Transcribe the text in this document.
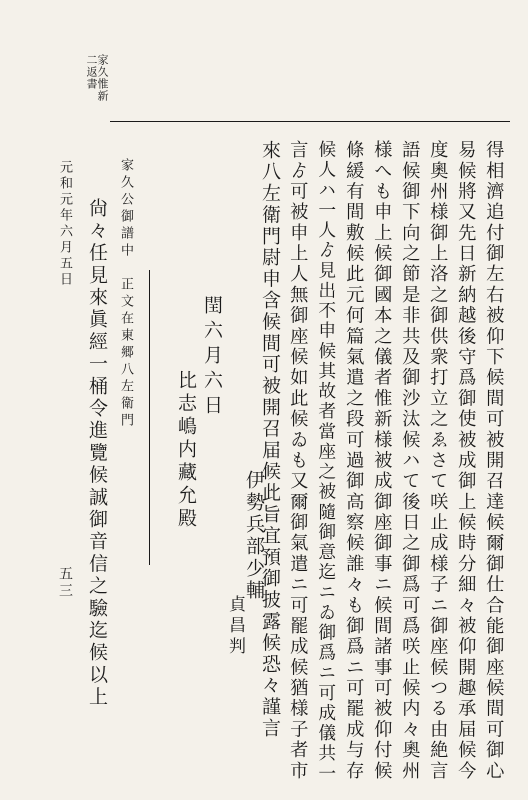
家久惟新
二返書
得相濟追付御左右被仰下候間可被開召達候爾御仕合能御座候間可御心
易候將又先日新納越後守爲御使被成御上候時分細々被仰開趣承届候今
度奧州様御上洛之御供衆打立之ゑさて咲止成様子ニ御座候つる由絶言
語候御下向之節是非共及御沙汰候ハて後日之御爲可爲咲止候内々奧州
様へも申上候御國本之儀者惟新様被成御座御事ニ候間諸事可被仰付候
條緩有間敷候此元何篇氣遣之段可過御高察候誰々も御爲ニ可罷成与存
候人ハ一人ゟ見出不申候其故者當座之被隨御意迄ニゐ御爲ニ可成儀共一
言ゟ可被申上人無御座候如此候ゐも又爾御氣遣ニ可罷成候猶様子者市
來八左衛門尉申含候間可被開召届候此旨宜預御披露候恐々謹言
伊勢兵部少輔
貞昌判
閏六月六日
比志嶋内藏允殿
家久公御譜中　正文在東郷八左衛門
尙々任見來眞經一桶令進覽候誠御音信之驗迄候以上
元和元年六月五日
五三
